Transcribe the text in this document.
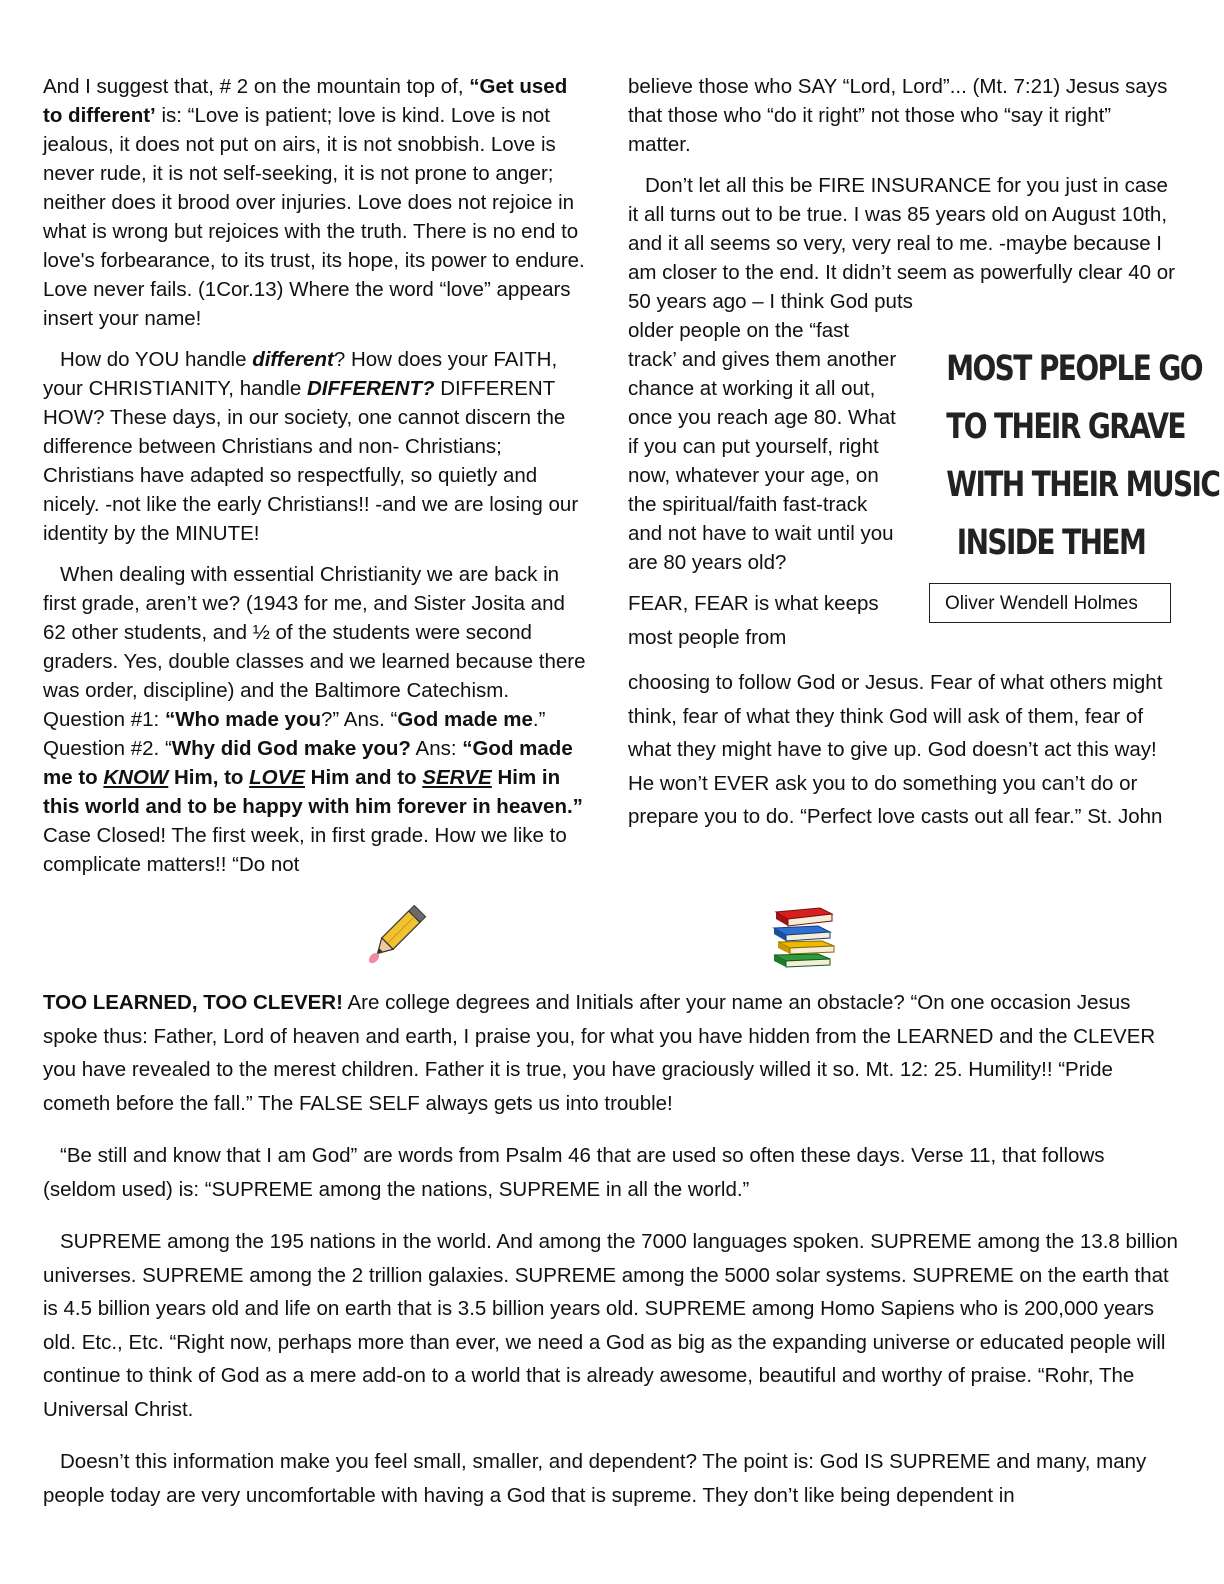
And I suggest that, # 2 on the mountain top of, “Get used to different’ is: “Love is patient; love is kind. Love is not jealous, it does not put on airs, it is not snobbish. Love is never rude, it is not self-seeking, it is not prone to anger; neither does it brood over injuries. Love does not rejoice in what is wrong but rejoices with the truth. There is no end to love's forbearance, to its trust, its hope, its power to endure. Love never fails. (1Cor.13) Where the word “love” appears insert your name!

How do YOU handle different? How does your FAITH, your CHRISTIANITY, handle DIFFERENT? DIFFERENT HOW? These days, in our society, one cannot discern the difference between Christians and non- Christians; Christians have adapted so respectfully, so quietly and nicely. -not like the early Christians!! -and we are losing our identity by the MINUTE!

When dealing with essential Christianity we are back in first grade, aren’t we? (1943 for me, and Sister Josita and 62 other students, and ½ of the students were second graders. Yes, double classes and we learned because there was order, discipline) and the Baltimore Catechism. Question #1: “Who made you?” Ans. “God made me.” Question #2. “Why did God make you? Ans: “God made me to KNOW Him, to LOVE Him and to SERVE Him in this world and to be happy with him forever in heaven.” Case Closed! The first week, in first grade. How we like to complicate matters!! “Do not

believe those who SAY “Lord, Lord”... (Mt. 7:21) Jesus says that those who “do it right” not those who “say it right” matter.

Don’t let all this be FIRE INSURANCE for you just in case it all turns out to be true. I was 85 years old on August 10th, and it all seems so very, very real to me. -maybe because I am closer to the end. It didn’t seem as powerfully clear 40 or 50 years ago – I think God puts

older people on the “fast track’ and gives them another chance at working it all out, once you reach age 80. What if you can put yourself, right now, whatever your age, on the spiritual/faith fast-track and not have to wait until you are 80 years old?

FEAR, FEAR is what keeps most people from

choosing to follow God or Jesus. Fear of what others might think, fear of what they think God will ask of them, fear of what they might have to give up. God doesn’t act this way! He won’t EVER ask you to do something you can’t do or prepare you to do. “Perfect love casts out all fear.” St. John

MOST PEOPLE GO
TO THEIR GRAVE
WITH THEIR MUSIC
INSIDE THEM
Oliver Wendell Holmes

TOO LEARNED, TOO CLEVER! Are college degrees and Initials after your name an obstacle? “On one occasion Jesus spoke thus: Father, Lord of heaven and earth, I praise you, for what you have hidden from the LEARNED and the CLEVER you have revealed to the merest children. Father it is true, you have graciously willed it so. Mt. 12: 25. Humility!! “Pride cometh before the fall.” The FALSE SELF always gets us into trouble!

“Be still and know that I am God” are words from Psalm 46 that are used so often these days. Verse 11, that follows (seldom used) is: “SUPREME among the nations, SUPREME in all the world.”

SUPREME among the 195 nations in the world. And among the 7000 languages spoken. SUPREME among the 13.8 billion universes. SUPREME among the 2 trillion galaxies. SUPREME among the 5000 solar systems. SUPREME on the earth that is 4.5 billion years old and life on earth that is 3.5 billion years old. SUPREME among Homo Sapiens who is 200,000 years old. Etc., Etc. “Right now, perhaps more than ever, we need a God as big as the expanding universe or educated people will continue to think of God as a mere add-on to a world that is already awesome, beautiful and worthy of praise. “Rohr, The Universal Christ.

Doesn’t this information make you feel small, smaller, and dependent? The point is: God IS SUPREME and many, many people today are very uncomfortable with having a God that is supreme. They don’t like being dependent in
